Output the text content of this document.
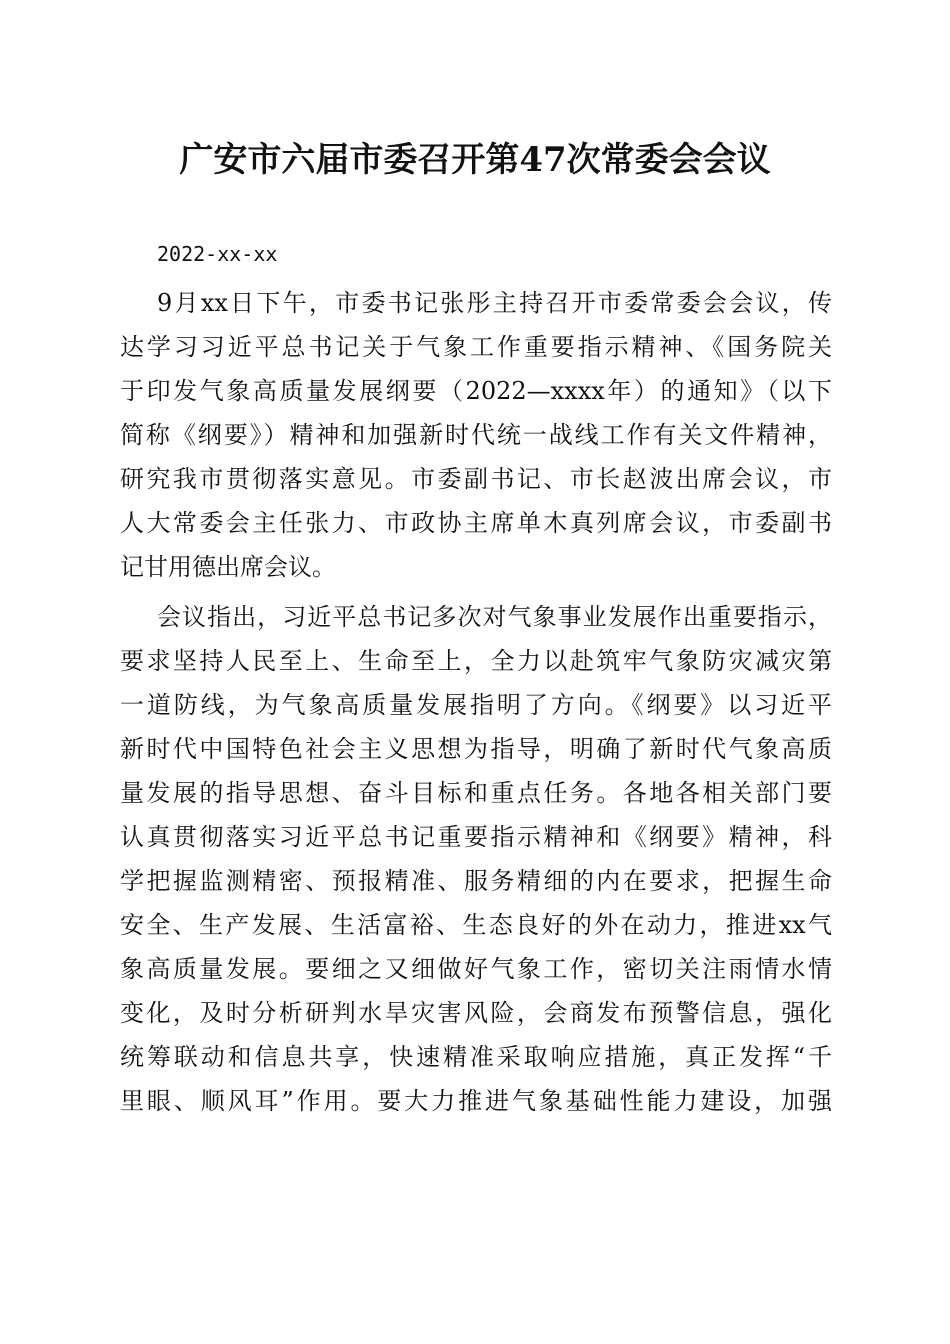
广安市六届市委召开第47次常委会会议
2022-xx-xx
9月xx日下午，市委书记张彤主持召开市委常委会会议，传
达学习习近平总书记关于气象工作重要指示精神、《国务院关
于印发气象高质量发展纲要（2022—xxxx年）的通知》（以下
简称《纲要》）精神和加强新时代统一战线工作有关文件精神，
研究我市贯彻落实意见。市委副书记、市长赵波出席会议，市
人大常委会主任张力、市政协主席单木真列席会议，市委副书
记甘用德出席会议。
会议指出，习近平总书记多次对气象事业发展作出重要指示，
要求坚持人民至上、生命至上，全力以赴筑牢气象防灾减灾第
一道防线，为气象高质量发展指明了方向。《纲要》以习近平
新时代中国特色社会主义思想为指导，明确了新时代气象高质
量发展的指导思想、奋斗目标和重点任务。各地各相关部门要
认真贯彻落实习近平总书记重要指示精神和《纲要》精神，科
学把握监测精密、预报精准、服务精细的内在要求，把握生命
安全、生产发展、生活富裕、生态良好的外在动力，推进xx气
象高质量发展。要细之又细做好气象工作，密切关注雨情水情
变化，及时分析研判水旱灾害风险，会商发布预警信息，强化
统筹联动和信息共享，快速精准采取响应措施，真正发挥“千
里眼、顺风耳”作用。要大力推进气象基础性能力建设，加强
